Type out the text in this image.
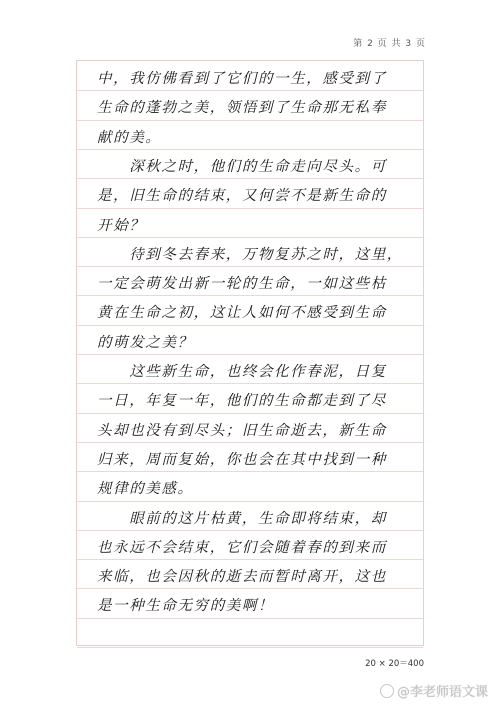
第 2 页 共 3 页
中，我仿佛看到了它们的一生，感受到了
生命的蓬勃之美，领悟到了生命那无私奉
献的美。
　　深秋之时，他们的生命走向尽头。可
是，旧生命的结束，又何尝不是新生命的
开始？
　　待到冬去春来，万物复苏之时，这里，
一定会萌发出新一轮的生命，一如这些枯
黄在生命之初，这让人如何不感受到生命
的萌发之美？
　　这些新生命，也终会化作春泥，日复
一日，年复一年，他们的生命都走到了尽
头却也没有到尽头；旧生命逝去，新生命
归来，周而复始，你也会在其中找到一种
规律的美感。
　　眼前的这片枯黄，生命即将结束，却
也永远不会结束，它们会随着春的到来而
来临，也会因秋的逝去而暂时离开，这也
是一种生命无穷的美啊！
20 × 20＝400
@李老师语文课
